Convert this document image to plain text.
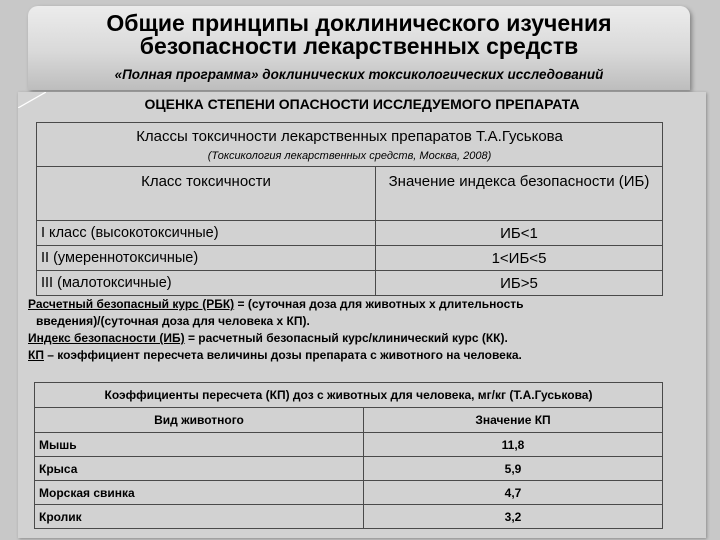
Общие принципы доклинического изучения
безопасности лекарственных средств
«Полная программа» доклинических токсикологических исследований
ОЦЕНКА СТЕПЕНИ ОПАСНОСТИ ИССЛЕДУЕМОГО ПРЕПАРАТА
Классы токсичности лекарственных препаратов Т.А.Гуськова	
(Токсикология лекарственных средств, Москва, 2008)	
Класс токсичности	Значение индекса безопасности (ИБ)
I класс (высокотоксичные)	ИБ<1
II (умереннотоксичные)	1<ИБ<5
III (малотоксичные)	ИБ>5
Расчетный безопасный курс (РБК) = (суточная доза для животных х длительность
введения)/(суточная доза для человека х КП).
Индекс безопасности (ИБ) = расчетный безопасный курс/клинический курс (КК).
КП – коэффициент пересчета величины дозы препарата с животного на человека.
Коэффициенты пересчета (КП) доз с животных для человека, мг/кг (Т.А.Гуськова)	
Вид животного	Значение КП
Мышь	11,8
Крыса	5,9
Морская свинка	4,7
Кролик	3,2
